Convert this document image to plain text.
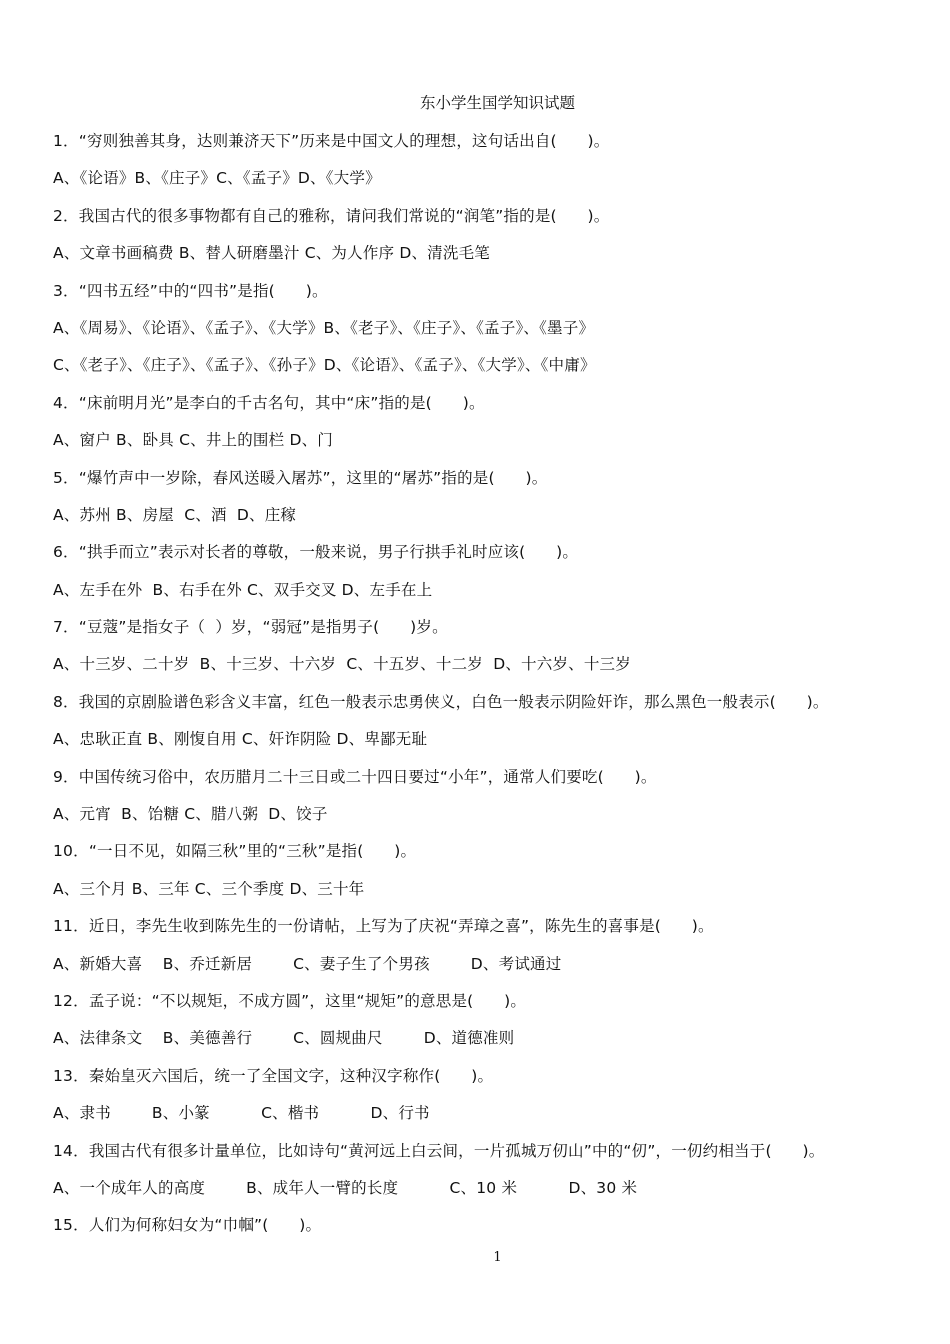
东小学生国学知识试题
1．“穷则独善其身，达则兼济天下”历来是中国文人的理想，这句话出自(      )。
A、《论语》B、《庄子》C、《孟子》D、《大学》
2．我国古代的很多事物都有自己的雅称，请问我们常说的“润笔”指的是(      )。
A、文章书画稿费 B、替人研磨墨汁 C、为人作序 D、清洗毛笔
3．“四书五经”中的“四书”是指(      )。
A、《周易》、《论语》、《孟子》、《大学》B、《老子》、《庄子》、《孟子》、《墨子》
C、《老子》、《庄子》、《孟子》、《孙子》D、《论语》、《孟子》、《大学》、《中庸》
4．“床前明月光”是李白的千古名句，其中“床”指的是(      )。
A、窗户 B、卧具 C、井上的围栏 D、门
5．“爆竹声中一岁除，春风送暖入屠苏”，这里的“屠苏”指的是(      )。
A、苏州 B、房屋  C、酒  D、庄稼
6．“拱手而立”表示对长者的尊敬，一般来说，男子行拱手礼时应该(      )。
A、左手在外  B、右手在外 C、双手交叉 D、左手在上
7．“豆蔻”是指女子（  ）岁，“弱冠”是指男子(      )岁。
A、十三岁、二十岁  B、十三岁、十六岁  C、十五岁、十二岁  D、十六岁、十三岁
8．我国的京剧脸谱色彩含义丰富，红色一般表示忠勇侠义，白色一般表示阴险奸诈，那么黑色一般表示(      )。
A、忠耿正直 B、刚愎自用 C、奸诈阴险 D、卑鄙无耻
9．中国传统习俗中，农历腊月二十三日或二十四日要过“小年”，通常人们要吃(      )。
A、元宵  B、饴糖 C、腊八粥  D、饺子
10．“一日不见，如隔三秋”里的“三秋”是指(      )。
A、三个月 B、三年 C、三个季度 D、三十年
11．近日，李先生收到陈先生的一份请帖，上写为了庆祝“弄璋之喜”，陈先生的喜事是(      )。
A、新婚大喜    B、乔迁新居        C、妻子生了个男孩        D、考试通过
12．孟子说：“不以规矩，不成方圆”，这里“规矩”的意思是(      )。
A、法律条文    B、美德善行        C、圆规曲尺        D、道德准则
13．秦始皇灭六国后，统一了全国文字，这种汉字称作(      )。
A、隶书        B、小篆          C、楷书          D、行书
14．我国古代有很多计量单位，比如诗句“黄河远上白云间，一片孤城万仞山”中的“仞”，一仞约相当于(      )。
A、一个成年人的高度        B、成年人一臂的长度          C、10 米          D、30 米
15．人们为何称妇女为“巾帼”(      )。
1
